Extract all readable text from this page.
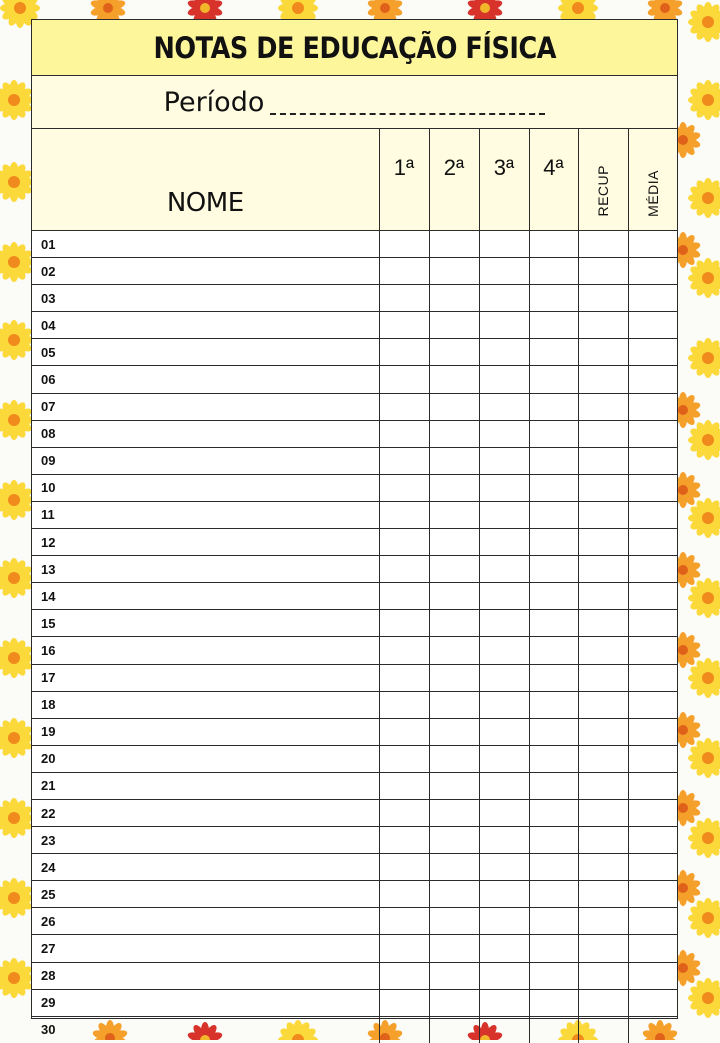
NOTAS DE EDUCAÇÃO FÍSICA
Período
NOME	1ª	2ª	3ª	4ª	RECUP	MÉDIA
01						
02						
03						
04						
05						
06						
07						
08						
09						
10						
11						
12						
13						
14						
15						
16						
17						
18						
19						
20						
21						
22						
23						
24						
25						
26						
27						
28						
29						
30						
